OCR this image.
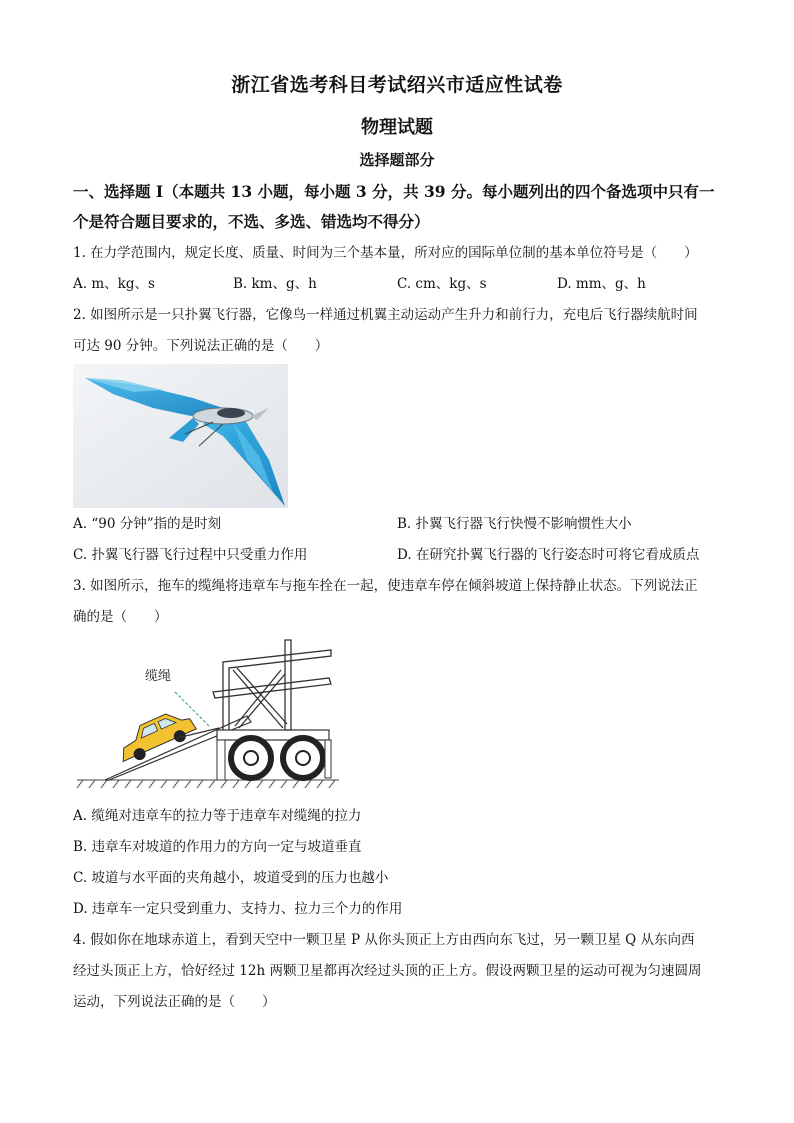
浙江省选考科目考试绍兴市适应性试卷
物理试题
选择题部分
一、选择题 I（本题共 13 小题，每小题 3 分，共 39 分。每小题列出的四个备选项中只有一
个是符合题目要求的，不选、多选、错选均不得分）
1. 在力学范围内，规定长度、质量、时间为三个基本量，所对应的国际单位制的基本单位符号是（　　）
A. m、kg、s	B. km、g、h	C. cm、kg、s	D. mm、g、h
2. 如图所示是一只扑翼飞行器，它像鸟一样通过机翼主动运动产生升力和前行力，充电后飞行器续航时间
可达 90 分钟。下列说法正确的是（　　）
A. “90 分钟”指的是时刻	B. 扑翼飞行器飞行快慢不影响惯性大小
C. 扑翼飞行器飞行过程中只受重力作用	D. 在研究扑翼飞行器的飞行姿态时可将它看成质点
3. 如图所示，拖车的缆绳将违章车与拖车拴在一起，使违章车停在倾斜坡道上保持静止状态。下列说法正
确的是（　　）
缆绳
A. 缆绳对违章车的拉力等于违章车对缆绳的拉力
B. 违章车对坡道的作用力的方向一定与坡道垂直
C. 坡道与水平面的夹角越小，坡道受到的压力也越小
D. 违章车一定只受到重力、支持力、拉力三个力的作用
4. 假如你在地球赤道上，看到天空中一颗卫星 P 从你头顶正上方由西向东飞过，另一颗卫星 Q 从东向西
经过头顶正上方，恰好经过 12h 两颗卫星都再次经过头顶的正上方。假设两颗卫星的运动可视为匀速圆周
运动，下列说法正确的是（　　）
